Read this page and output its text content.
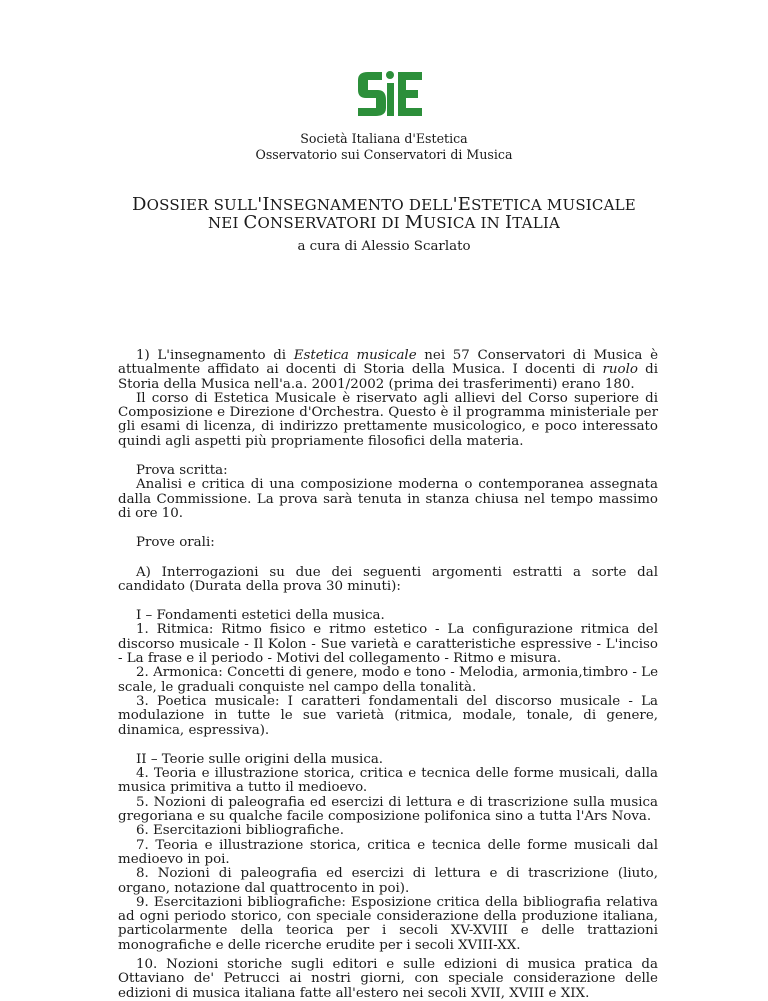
Società Italiana d'Estetica
Osservatorio sui Conservatori di Musica
DOSSIER SULL'INSEGNAMENTO DELL'ESTETICA MUSICALE
NEI CONSERVATORI DI MUSICA IN ITALIA
a cura di Alessio Scarlato

1) L'insegnamento di Estetica musicale nei 57 Conservatori di Musica è attualmente affidato ai docenti di Storia della Musica. I docenti di ruolo di Storia della Musica nell'a.a. 2001/2002 (prima dei trasferimenti) erano 180.

Il corso di Estetica Musicale è riservato agli allievi del Corso superiore di Composizione e Direzione d'Orchestra. Questo è il programma ministeriale per gli esami di licenza, di indirizzo prettamente musicologico, e poco interessato quindi agli aspetti più propriamente filosofici della materia.

Prova scritta:

Analisi e critica di una composizione moderna o contemporanea assegnata dalla Commissione. La prova sarà tenuta in stanza chiusa nel tempo massimo di ore 10.

Prove orali:

A) Interrogazioni su due dei seguenti argomenti estratti a sorte dal candidato (Durata della prova 30 minuti):

I – Fondamenti estetici della musica.

1. Ritmica: Ritmo fisico e ritmo estetico - La configurazione ritmica del discorso musicale - Il Kolon - Sue varietà e caratteristiche espressive - L'inciso - La frase e il periodo - Motivi del collegamento - Ritmo e misura.

2. Armonica: Concetti di genere, modo e tono - Melodia, armonia,timbro - Le scale, le graduali conquiste nel campo della tonalità.

3. Poetica musicale: I caratteri fondamentali del discorso musicale - La modulazione in tutte le sue varietà (ritmica, modale, tonale, di genere, dinamica, espressiva).

II – Teorie sulle origini della musica.

4. Teoria e illustrazione storica, critica e tecnica delle forme musicali, dalla musica primitiva a tutto il medioevo.

5. Nozioni di paleografia ed esercizi di lettura e di trascrizione sulla musica gregoriana e su qualche facile composizione polifonica sino a tutta l'Ars Nova.

6. Esercitazioni bibliografiche.

7. Teoria e illustrazione storica, critica e tecnica delle forme musicali dal medioevo in poi.

8. Nozioni di paleografia ed esercizi di lettura e di trascrizione (liuto, organo, notazione dal quattrocento in poi).

9. Esercitazioni bibliografiche: Esposizione critica della bibliografia relativa ad ogni periodo storico, con speciale considerazione della produzione italiana, particolarmente della teorica per i secoli XV-XVIII e delle trattazioni monografiche e delle ricerche erudite per i secoli XVIII-XX.

10. Nozioni storiche sugli editori e sulle edizioni di musica pratica da Ottaviano de' Petrucci ai nostri giorni, con speciale considerazione delle edizioni di musica italiana fatte all'estero nei secoli XVII, XVIII e XIX.
